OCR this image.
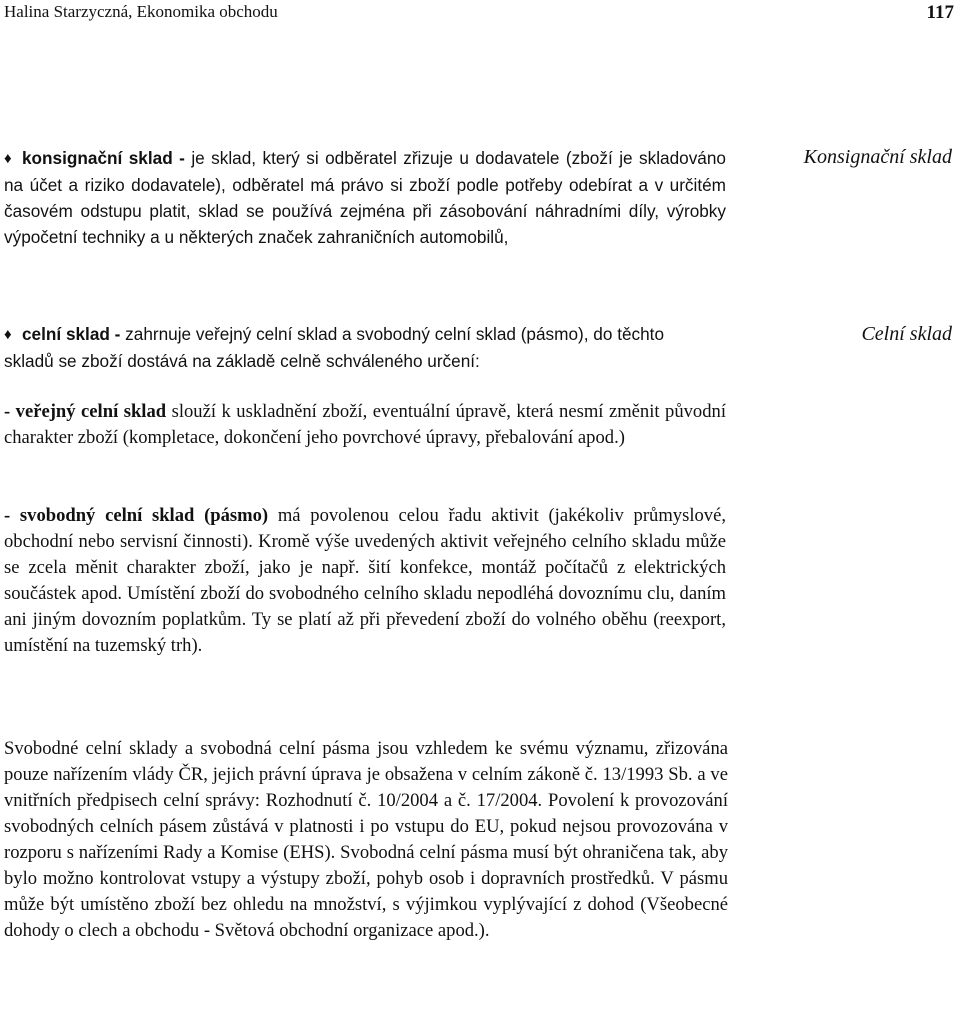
Halina Starzyczná, Ekonomika obchodu	117

♦ konsignační sklad - je sklad, který si odběratel zřizuje u dodavatele (zboží je skladováno na účet a riziko dodavatele), odběratel má právo si zboží podle potřeby odebírat a v určitém časovém odstupu platit, sklad se používá zejména při zásobování náhradními díly, výrobky výpočetní techniky a u některých značek zahraničních automobilů,

Konsignační sklad

♦ celní sklad - zahrnuje veřejný celní sklad a svobodný celní sklad (pásmo), do těchto skladů se zboží dostává na základě celně schváleného určení:

Celní sklad

- veřejný celní sklad slouží k uskladnění zboží, eventuální úpravě, která nesmí změnit původní charakter zboží (kompletace, dokončení jeho povrchové úpravy, přebalování apod.)

- svobodný celní sklad (pásmo) má povolenou celou řadu aktivit (jakékoliv průmyslové, obchodní nebo servisní činnosti). Kromě výše uvedených aktivit veřejného celního skladu může se zcela měnit charakter zboží, jako je např. šití konfekce, montáž počítačů z elektrických součástek apod. Umístění zboží do svobodného celního skladu nepodléhá dovoznímu clu, daním ani jiným dovozním poplatkům. Ty se platí až při převedení zboží do volného oběhu (reexport, umístění na tuzemský trh).

Svobodné celní sklady a svobodná celní pásma jsou vzhledem ke svému významu, zřizována pouze nařízením vlády ČR, jejich právní úprava je obsažena v celním zákoně č. 13/1993 Sb. a ve vnitřních předpisech celní správy: Rozhodnutí č. 10/2004 a č. 17/2004. Povolení k provozování svobodných celních pásem zůstává v platnosti i po vstupu do EU, pokud nejsou provozována v rozporu s nařízeními Rady a Komise (EHS). Svobodná celní pásma musí být ohraničena tak, aby bylo možno kontrolovat vstupy a výstupy zboží, pohyb osob i dopravních prostředků. V pásmu může být umístěno zboží bez ohledu na množství, s výjimkou vyplývající z dohod (Všeobecné dohody o clech a obchodu - Světová obchodní organizace apod.).
